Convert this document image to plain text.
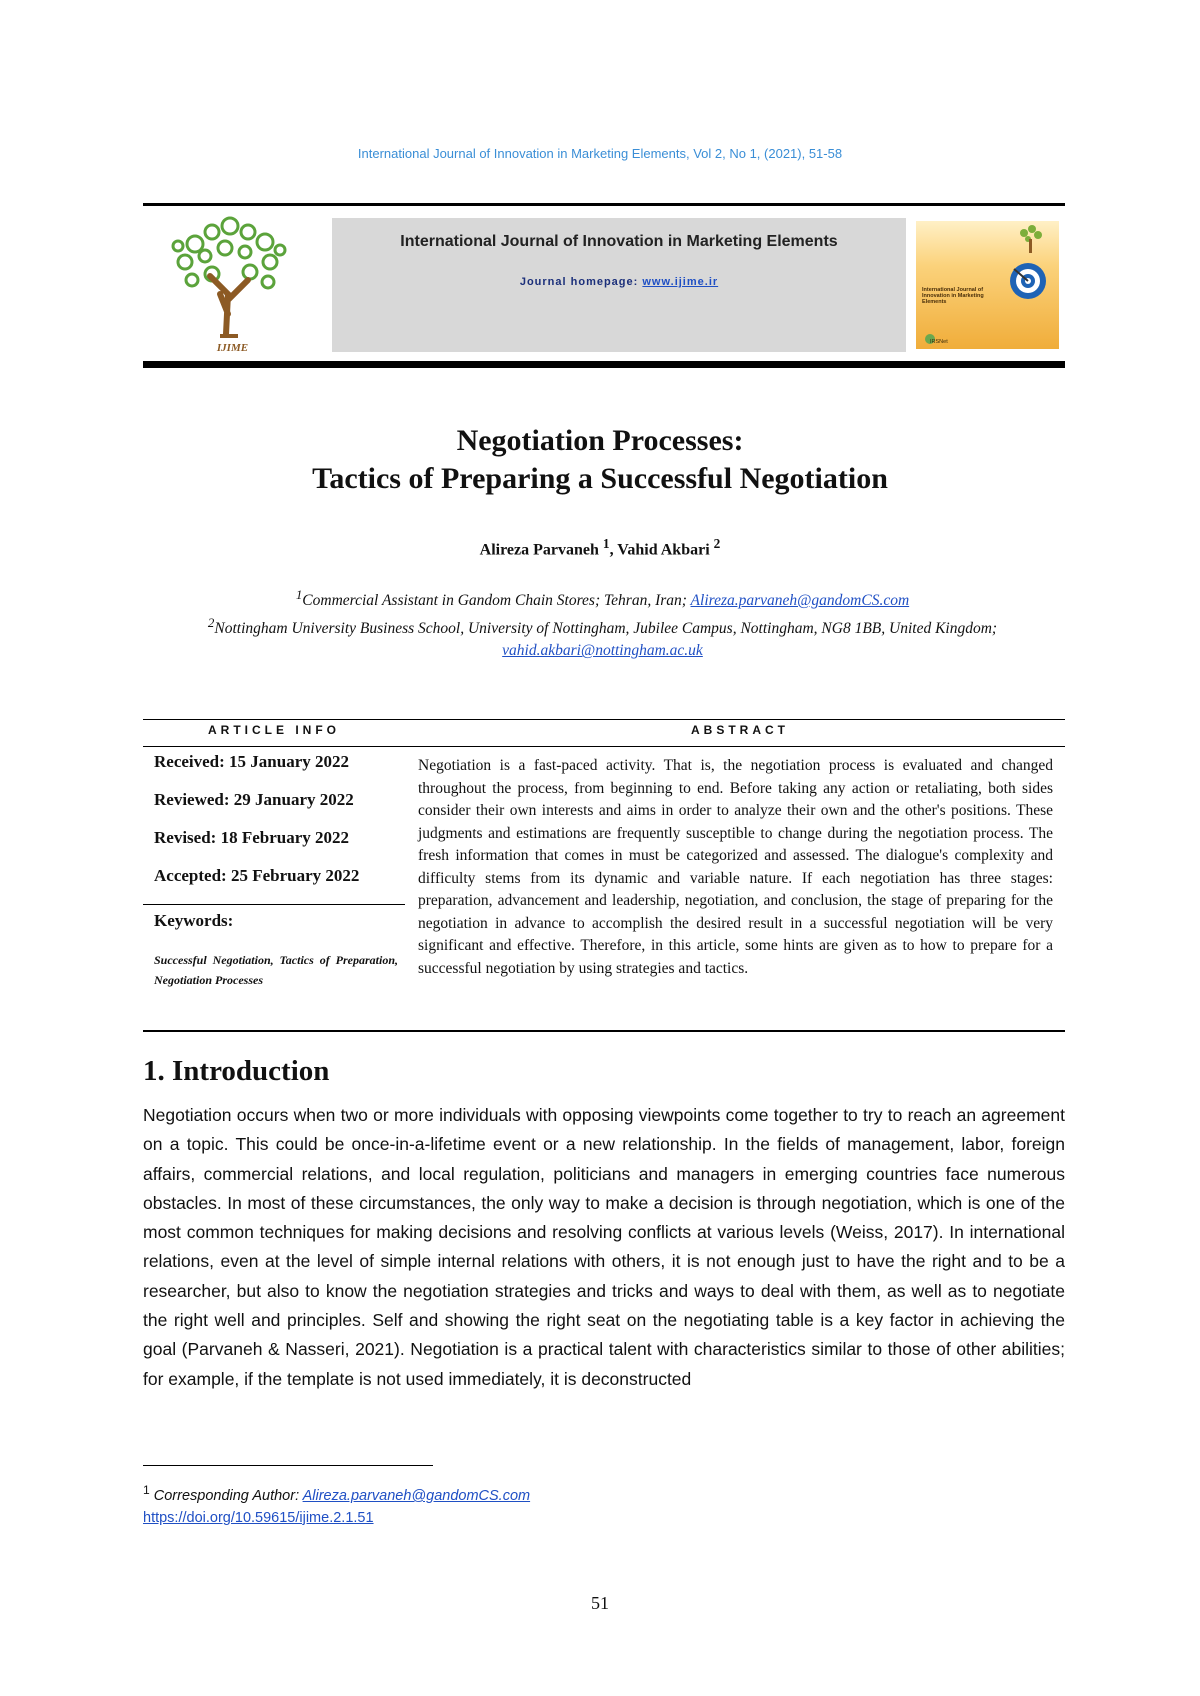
International Journal of Innovation in Marketing Elements, Vol 2, No 1, (2021), 51-58
IJIME
International Journal of Innovation in Marketing Elements
Journal homepage: www.ijime.ir
International Journal of Innovation in Marketing Elements
IRSNet
Negotiation Processes:
Tactics of Preparing a Successful Negotiation
Alireza Parvaneh $^1$, Vahid Akbari $^2$
$^1$Commercial Assistant in Gandom Chain Stores; Tehran, Iran; Alireza.parvaneh@gandomCS.com
$^2$Nottingham University Business School, University of Nottingham, Jubilee Campus, Nottingham, NG8 1BB, United Kingdom; vahid.akbari@nottingham.ac.uk
ARTICLE INFO	ABSTRACT
Received: 15 January 2022
Reviewed: 29 January 2022
Revised: 18 February 2022
Accepted: 25 February 2022
Keywords:
Successful Negotiation, Tactics of Preparation, Negotiation Processes
Negotiation is a fast-paced activity. That is, the negotiation process is evaluated and changed throughout the process, from beginning to end. Before taking any action or retaliating, both sides consider their own interests and aims in order to analyze their own and the other's positions. These judgments and estimations are frequently susceptible to change during the negotiation process. The fresh information that comes in must be categorized and assessed. The dialogue's complexity and difficulty stems from its dynamic and variable nature. If each negotiation has three stages: preparation, advancement and leadership, negotiation, and conclusion, the stage of preparing for the negotiation in advance to accomplish the desired result in a successful negotiation will be very significant and effective. Therefore, in this article, some hints are given as to how to prepare for a successful negotiation by using strategies and tactics.
1. Introduction
Negotiation occurs when two or more individuals with opposing viewpoints come together to try to reach an agreement on a topic. This could be once-in-a-lifetime event or a new relationship. In the fields of management, labor, foreign affairs, commercial relations, and local regulation, politicians and managers in emerging countries face numerous obstacles. In most of these circumstances, the only way to make a decision is through negotiation, which is one of the most common techniques for making decisions and resolving conflicts at various levels (Weiss, 2017). In international relations, even at the level of simple internal relations with others, it is not enough just to have the right and to be a researcher, but also to know the negotiation strategies and tricks and ways to deal with them, as well as to negotiate the right well and principles. Self and showing the right seat on the negotiating table is a key factor in achieving the goal (Parvaneh & Nasseri, 2021). Negotiation is a practical talent with characteristics similar to those of other abilities; for example, if the template is not used immediately, it is deconstructed
$^1$ Corresponding Author: Alireza.parvaneh@gandomCS.com
https://doi.org/10.59615/ijime.2.1.51
51
